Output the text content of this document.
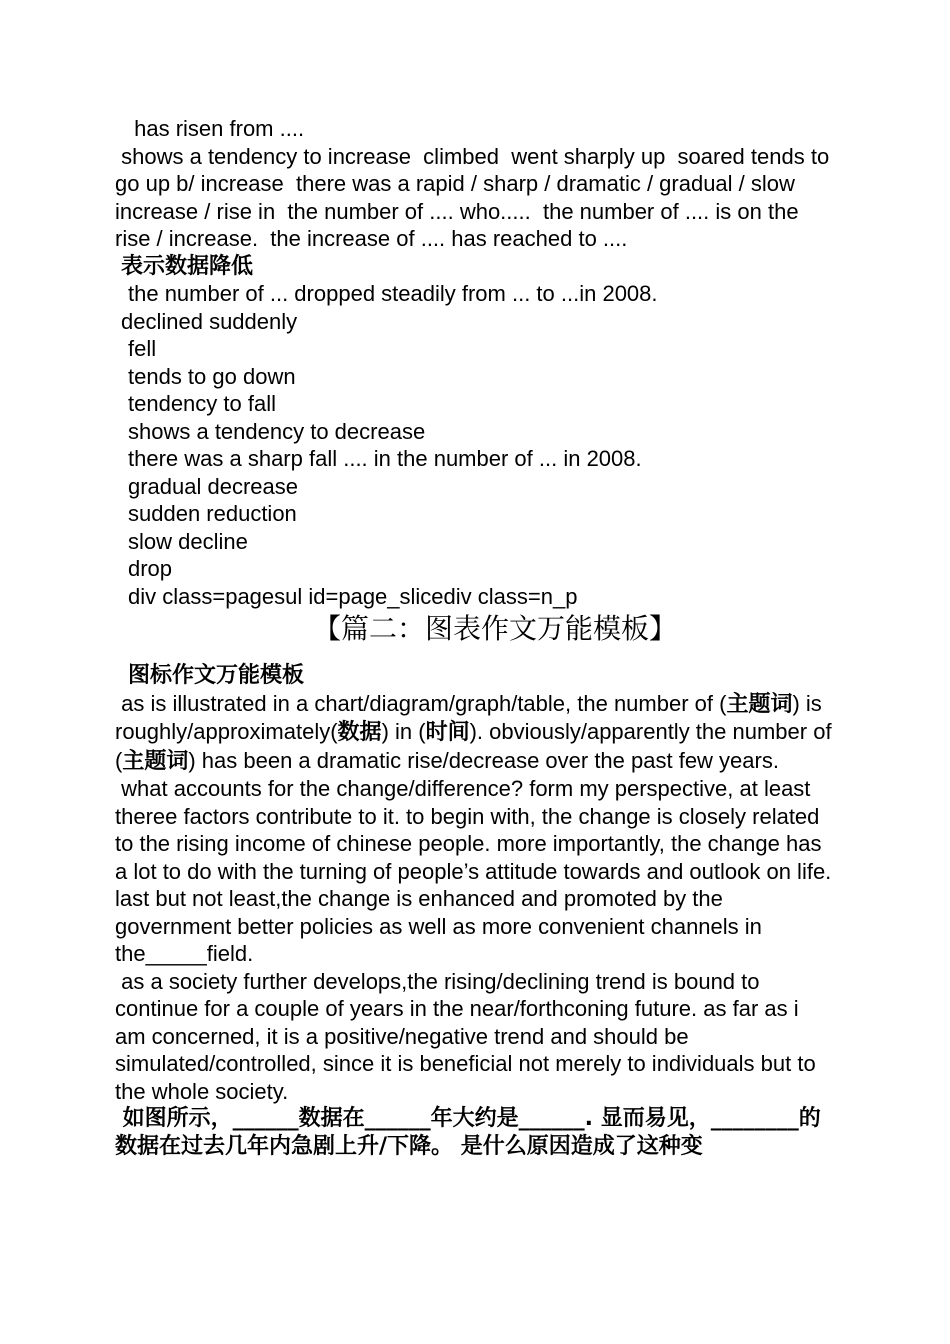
has risen from ....
shows a tendency to increase  climbed  went sharply up  soared tends to go up b/ increase  there was a rapid / sharp / dramatic / gradual / slow increase / rise in  the number of .... who.....  the number of .... is on the rise / increase.  the increase of .... has reached to ....
表示数据降低
the number of ... dropped steadily from ... to ...in 2008.
declined suddenly
fell
tends to go down
tendency to fall
shows a tendency to decrease
there was a sharp fall .... in the number of ... in 2008.
gradual decrease
sudden reduction
slow decline
drop
div class=pagesul id=page_slicediv class=n_p
【篇二：图表作文万能模板】
图标作文万能模板

as is illustrated in a chart/diagram/graph/table, the number of (主题词) is roughly/approximately(数据) in (时间). obviously/apparently the number of (主题词) has been a dramatic rise/decrease over the past few years.

what accounts for the change/difference? form my perspective, at least theree factors contribute to it. to begin with, the change is closely related to the rising income of chinese people. more importantly, the change has a lot to do with the turning of people’s attitude towards and outlook on life. last but not least,the change is enhanced and promoted by the government better policies as well as more convenient channels in the_____field.

as a society further develops,the rising/declining trend is bound to continue for a couple of years in the near/forthconing future. as far as i am concerned, it is a positive/negative trend and should be simulated/controlled, since it is beneficial not merely to individuals but to the whole society.

如图所示，______数据在______年大约是______. 显而易见，________的数据在过去几年内急剧上升/下降。 是什么原因造成了这种变
